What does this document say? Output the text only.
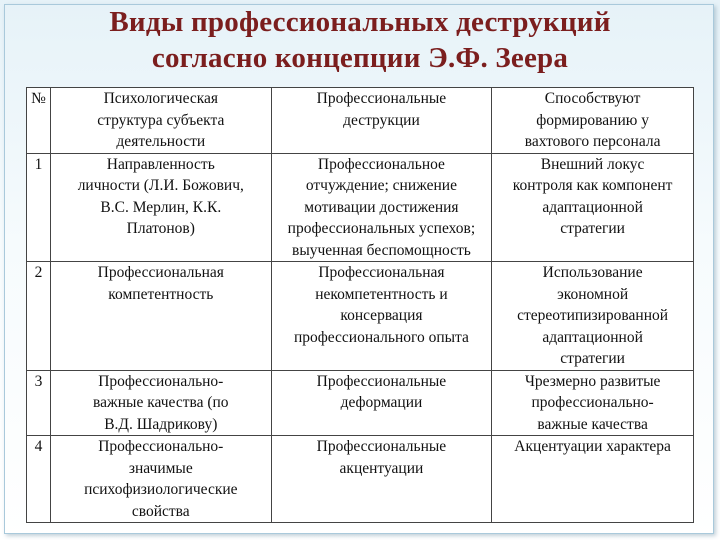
Виды профессиональных деструкций
согласно концепции Э.Ф. Зеера
№	Психологическая
структура субъекта
деятельности	Профессиональные
деструкции	Способствуют
формированию у
вахтового персонала

1	Направленность
личности (Л.И. Божович,
В.С. Мерлин, К.К.
Платонов)	Профессиональное
отчуждение; снижение
мотивации достижения
профессиональных успехов;
выученная беспомощность	Внешний локус
контроля как компонент
адаптационной
стратегии

2	Профессиональная
компетентность	Профессиональная
некомпетентность и
консервация
профессионального опыта	Использование
экономной
стереотипизированной
адаптационной
стратегии

3	Профессионально-
важные качества (по
В.Д. Шадрикову)	Профессиональные
деформации	Чрезмерно развитые
профессионально-
важные качества

4	Профессионально-
значимые
психофизиологические
свойства	Профессиональные
акцентуации	Акцентуации характера
